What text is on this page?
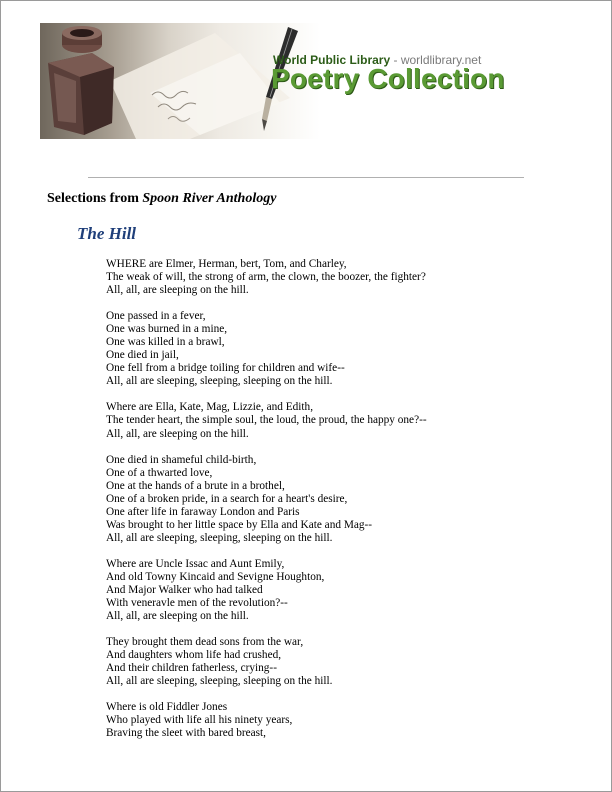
World Public Library - worldlibrary.net
Poetry Collection
Selections from Spoon River Anthology
The Hill
WHERE are Elmer, Herman, bert, Tom, and Charley,
The weak of will, the strong of arm, the clown, the boozer, the fighter?
All, all, are sleeping on the hill.
One passed in a fever,
One was burned in a mine,
One was killed in a brawl,
One died in jail,
One fell from a bridge toiling for children and wife--
All, all are sleeping, sleeping, sleeping on the hill.
Where are Ella, Kate, Mag, Lizzie, and Edith,
The tender heart, the simple soul, the loud, the proud, the happy one?--
All, all, are sleeping on the hill.
One died in shameful child-birth,
One of a thwarted love,
One at the hands of a brute in a brothel,
One of a broken pride, in a search for a heart's desire,
One after life in faraway London and Paris
Was brought to her little space by Ella and Kate and Mag--
All, all are sleeping, sleeping, sleeping on the hill.
Where are Uncle Issac and Aunt Emily,
And old Towny Kincaid and Sevigne Houghton,
And Major Walker who had talked
With veneravle men of the revolution?--
All, all, are sleeping on the hill.
They brought them dead sons from the war,
And daughters whom life had crushed,
And their children fatherless, crying--
All, all are sleeping, sleeping, sleeping on the hill.
Where is old Fiddler Jones
Who played with life all his ninety years,
Braving the sleet with bared breast,
